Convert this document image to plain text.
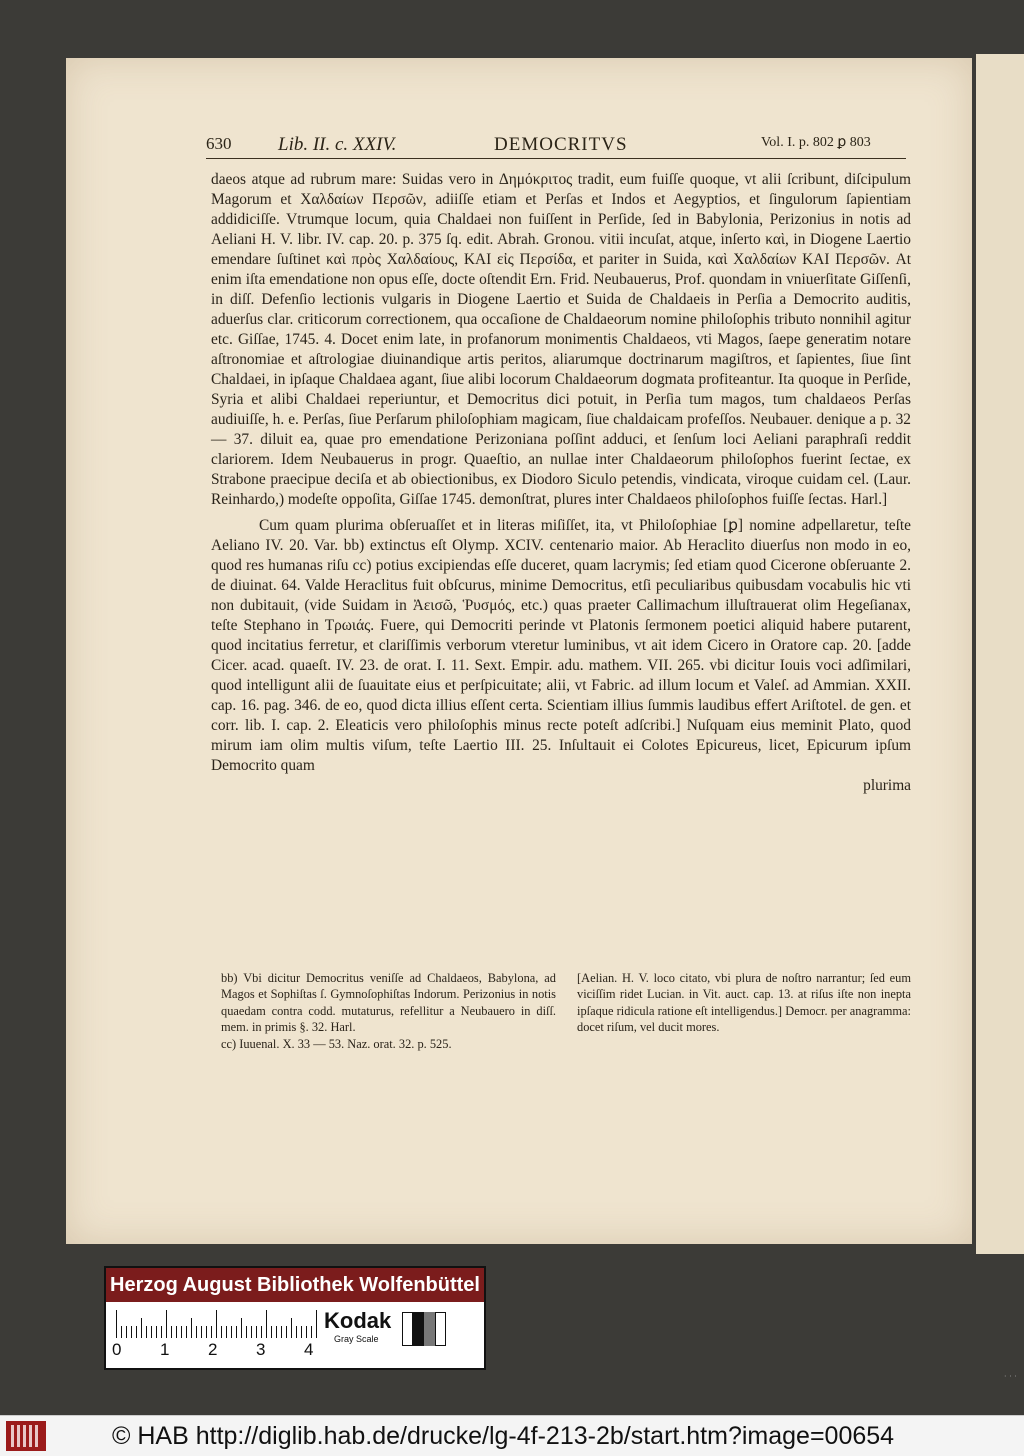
630 Lib. II. c. XXIV.	DEMOCRITVS	Vol. I. p. 802 ꝑ 803

daeos atque ad rubrum mare: Suidas vero in Δημόκριτος tradit, eum fuiſſe quoque, vt alii ſcribunt, diſcipulum Magorum et Χαλδαίων Περσῶν, adiiſſe etiam et Perſas et Indos et Aegyptios, et ſingulorum ſapientiam addidiciſſe. Vtrumque locum, quia Chaldaei non fuiſſent in Perſide, ſed in Babylonia, Perizonius in notis ad Aeliani H. V. libr. IV. cap. 20. p. 375 ſq. edit. Abrah. Gronou. vitii incuſat, atque, inſerto καὶ, in Diogene Laertio emendare ſuſtinet καὶ πρὸς Χαλδαίους, ΚΑΙ εἰς Περσίδα, et pariter in Suida, καὶ Χαλδαίων ΚΑΙ Περσῶν. At enim iſta emendatione non opus eſſe, docte oſtendit Ern. Frid. Neubauerus, Prof. quondam in vniuerſitate Giſſenſi, in diſſ. Defenſio lectionis vulgaris in Diogene Laertio et Suida de Chaldaeis in Perſia a Democrito auditis, aduerſus clar. criticorum correctionem, qua occaſione de Chaldaeorum nomine philoſophis tributo nonnihil agitur etc. Giſſae, 1745. 4. Docet enim late, in profanorum monimentis Chaldaeos, vti Magos, ſaepe generatim notare aſtronomiae et aſtrologiae diuinandique artis peritos, aliarumque doctrinarum magiſtros, et ſapientes, ſiue ſint Chaldaei, in ipſaque Chaldaea agant, ſiue alibi locorum Chaldaeorum dogmata profiteantur. Ita quoque in Perſide, Syria et alibi Chaldaei reperiuntur, et Democritus dici potuit, in Perſia tum magos, tum chaldaeos Perſas audiuiſſe, h. e. Perſas, ſiue Perſarum philoſophiam magicam, ſiue chaldaicam profeſſos. Neubauer. denique a p. 32 — 37. diluit ea, quae pro emendatione Perizoniana poſſint adduci, et ſenſum loci Aeliani paraphraſi reddit clariorem. Idem Neubauerus in progr. Quaeſtio, an nullae inter Chaldaeorum philoſophos fuerint ſectae, ex Strabone praecipue deciſa et ab obiectionibus, ex Diodoro Siculo petendis, vindicata, viroque cuidam cel. (Laur. Reinhardo,) modeſte oppoſita, Giſſae 1745. demonſtrat, plures inter Chaldaeos philoſophos fuiſſe ſectas. Harl.]

Cum quam plurima obſeruaſſet et in literas miſiſſet, ita, vt Philoſophiae [ꝑ] nomine adpellaretur, teſte Aeliano IV. 20. Var. bb) extinctus eſt Olymp. XCIV. centenario maior. Ab Heraclito diuerſus non modo in eo, quod res humanas riſu cc) potius excipiendas eſſe duceret, quam lacrymis; ſed etiam quod Cicerone obſeruante 2. de diuinat. 64. Valde Heraclitus fuit obſcurus, minime Democritus, etſi peculiaribus quibusdam vocabulis hic vti non dubitauit, (vide Suidam in Ἀεισῶ, Ῥυσμός, etc.) quas praeter Callimachum illuſtrauerat olim Hegeſianax, teſte Stephano in Τρωιάς. Fuere, qui Democriti perinde vt Platonis ſermonem poetici aliquid habere putarent, quod incitatius ferretur, et clariſſimis verborum vteretur luminibus, vt ait idem Cicero in Oratore cap. 20. [adde Cicer. acad. quaeſt. IV. 23. de orat. I. 11. Sext. Empir. adu. mathem. VII. 265. vbi dicitur Iouis voci adſimilari, quod intelligunt alii de ſuauitate eius et perſpicuitate; alii, vt Fabric. ad illum locum et Valeſ. ad Ammian. XXII. cap. 16. pag. 346. de eo, quod dicta illius eſſent certa. Scientiam illius ſummis laudibus effert Ariſtotel. de gen. et corr. lib. I. cap. 2. Eleaticis vero philoſophis minus recte poteſt adſcribi.] Nuſquam eius meminit Plato, quod mirum iam olim multis viſum, teſte Laertio III. 25. Inſultauit ei Colotes Epicureus, licet, Epicurum ipſum Democrito quam

plurima

bb) Vbi dicitur Democritus veniſſe ad Chaldaeos, Babylona, ad Magos et Sophiſtas ſ. Gymnoſophiſtas Indorum. Perizonius in notis quaedam contra codd. mutaturus, refellitur a Neubauero in diſſ. mem. in primis §. 32. Harl.
cc) Iuuenal. X. 33 — 53. Naz. orat. 32. p. 525.
[Aelian. H. V. loco citato, vbi plura de noſtro narrantur; ſed eum viciſſim ridet Lucian. in Vit. auct. cap. 13. at riſus iſte non inepta ipſaque ridicula ratione eſt intelligendus.] Democr. per anagramma: docet riſum, vel ducit mores.
Herzog August Bibliothek Wolfenbüttel
0 1 2 3 4
Kodak
Gray Scale
· · ·
© HAB http://diglib.hab.de/drucke/lg-4f-213-2b/start.htm?image=00654
